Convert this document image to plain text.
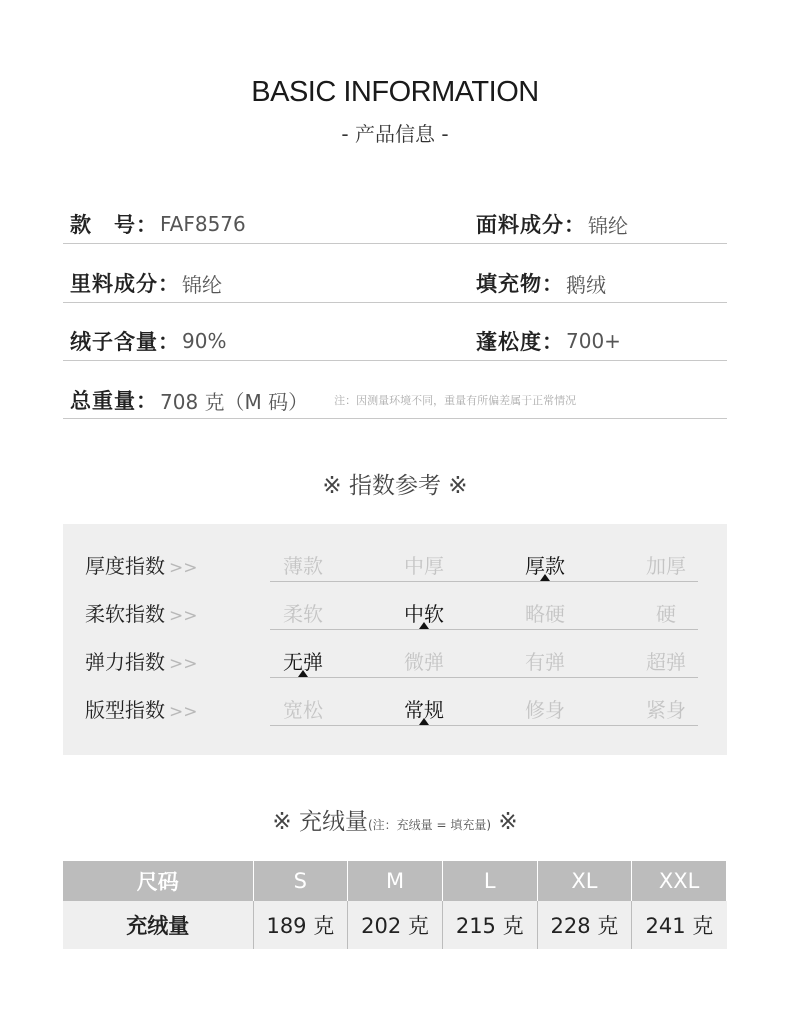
BASIC INFORMATION
- 产品信息 -
款　号： FAF8576	面料成分： 锦纶
里料成分： 锦纶	填充物： 鹅绒
绒子含量： 90%	蓬松度： 700+
总重量： 708 克（M 码） 注：因测量环境不同，重量有所偏差属于正常情况
※ 指数参考 ※
厚度指数 >>	薄款	中厚	厚款	加厚
柔软指数 >>	柔软	中软	略硬	硬
弹力指数 >>	无弹	微弹	有弹	超弹
版型指数 >>	宽松	常规	修身	紧身
※ 充绒量(注：充绒量 = 填充量) ※
尺码	S	M	L	XL	XXL
充绒量	189 克	202 克	215 克	228 克	241 克
